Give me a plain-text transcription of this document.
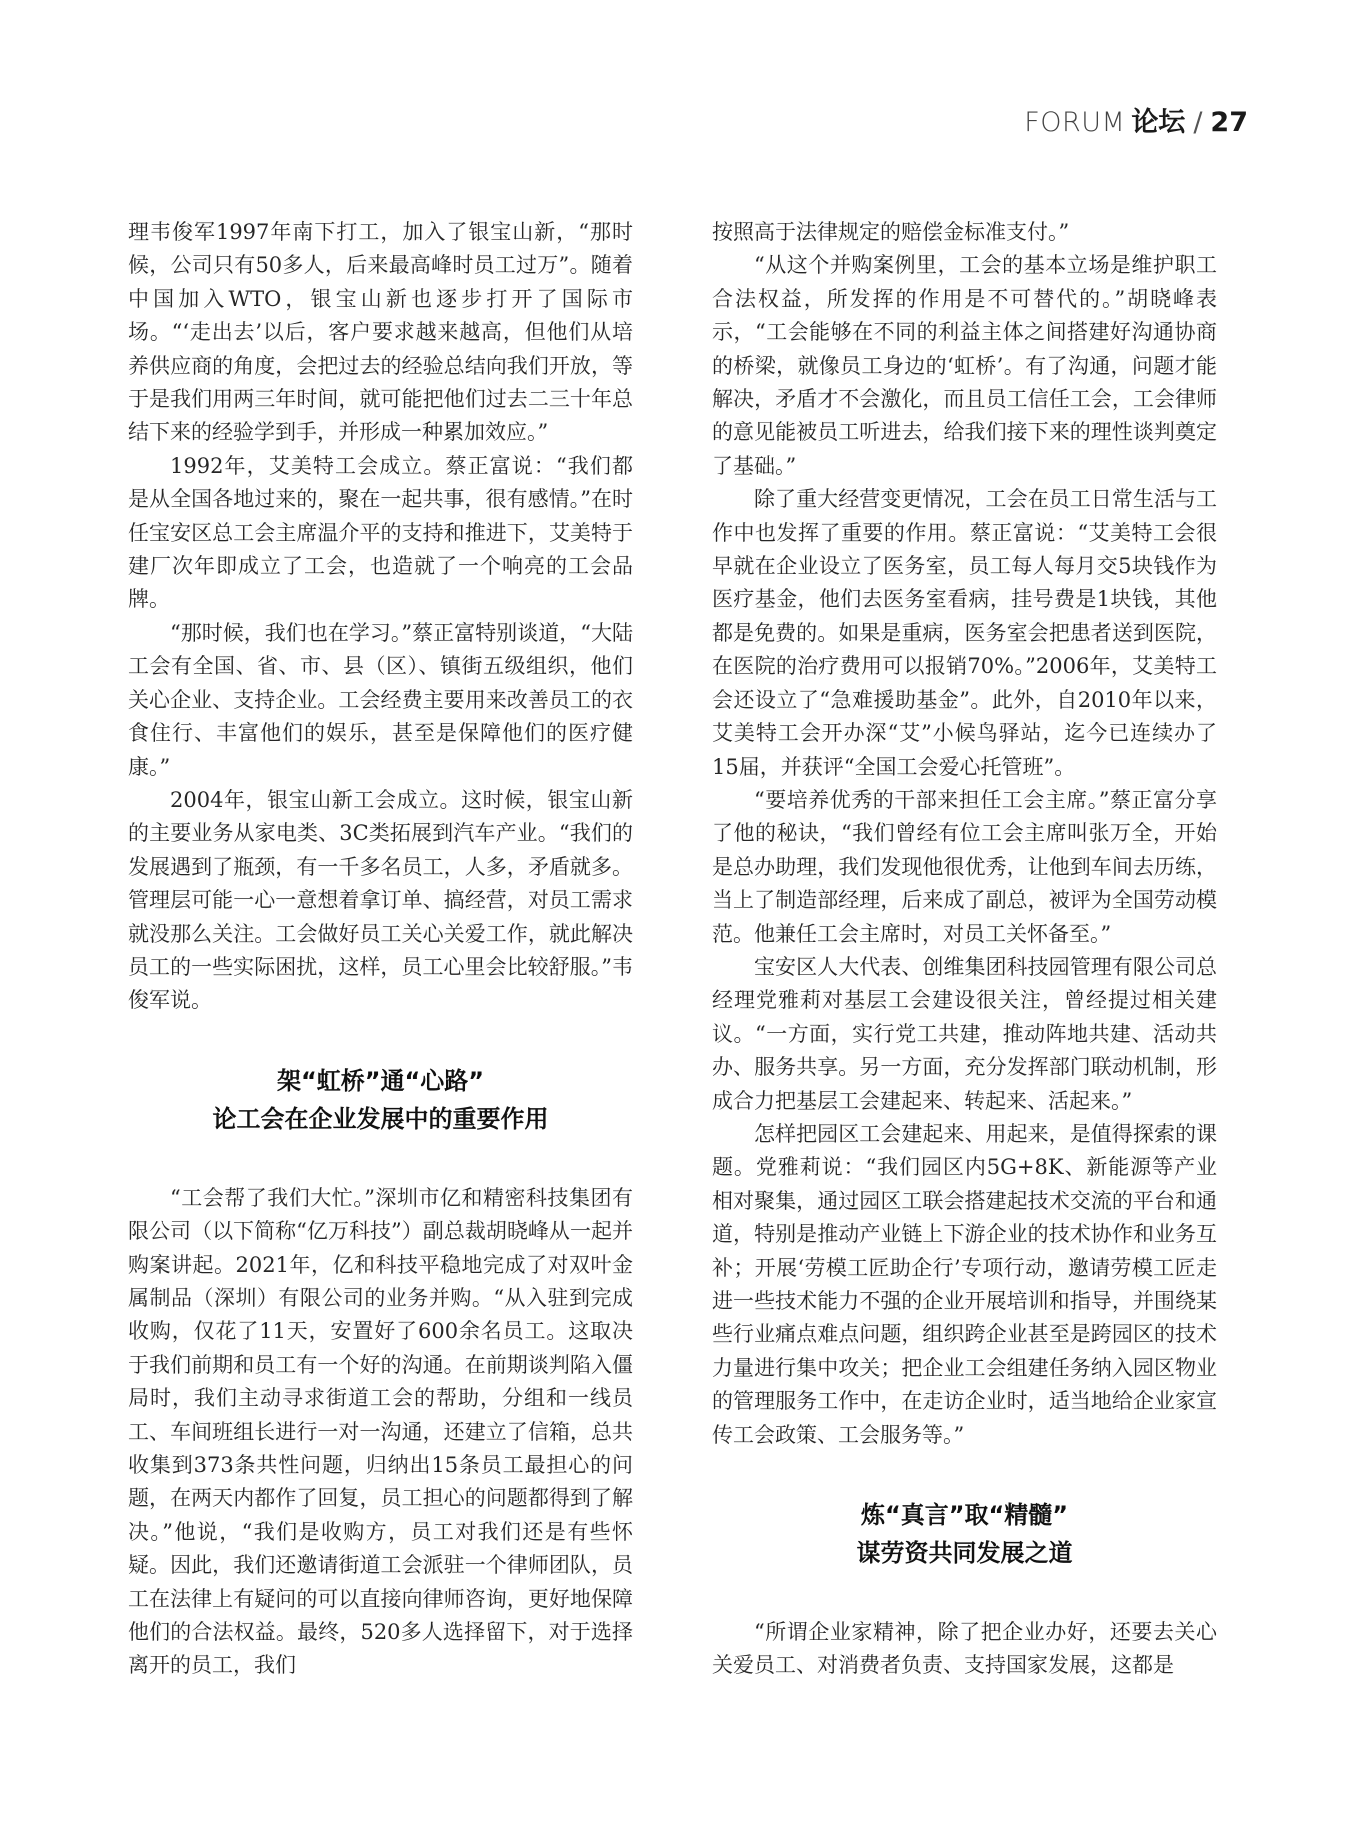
FORUM 论坛 / 27

理韦俊军1997年南下打工，加入了银宝山新，“那时候，公司只有50多人，后来最高峰时员工过万”。随着中国加入WTO，银宝山新也逐步打开了国际市场。“‘走出去’以后，客户要求越来越高，但他们从培养供应商的角度，会把过去的经验总结向我们开放，等于是我们用两三年时间，就可能把他们过去二三十年总结下来的经验学到手，并形成一种累加效应。”

1992年，艾美特工会成立。蔡正富说：“我们都是从全国各地过来的，聚在一起共事，很有感情。”在时任宝安区总工会主席温介平的支持和推进下，艾美特于建厂次年即成立了工会，也造就了一个响亮的工会品牌。

“那时候，我们也在学习。”蔡正富特别谈道，“大陆工会有全国、省、市、县（区）、镇街五级组织，他们关心企业、支持企业。工会经费主要用来改善员工的衣食住行、丰富他们的娱乐，甚至是保障他们的医疗健康。”

2004年，银宝山新工会成立。这时候，银宝山新的主要业务从家电类、3C类拓展到汽车产业。“我们的发展遇到了瓶颈，有一千多名员工，人多，矛盾就多。管理层可能一心一意想着拿订单、搞经营，对员工需求就没那么关注。工会做好员工关心关爱工作，就此解决员工的一些实际困扰，这样，员工心里会比较舒服。”韦俊军说。

架“虹桥”通“心路”
论工会在企业发展中的重要作用

“工会帮了我们大忙。”深圳市亿和精密科技集团有限公司（以下简称“亿万科技”）副总裁胡晓峰从一起并购案讲起。2021年，亿和科技平稳地完成了对双叶金属制品（深圳）有限公司的业务并购。“从入驻到完成收购，仅花了11天，安置好了600余名员工。这取决于我们前期和员工有一个好的沟通。在前期谈判陷入僵局时，我们主动寻求街道工会的帮助，分组和一线员工、车间班组长进行一对一沟通，还建立了信箱，总共收集到373条共性问题，归纳出15条员工最担心的问题，在两天内都作了回复，员工担心的问题都得到了解决。”他说，“我们是收购方，员工对我们还是有些怀疑。因此，我们还邀请街道工会派驻一个律师团队，员工在法律上有疑问的可以直接向律师咨询，更好地保障他们的合法权益。最终，520多人选择留下，对于选择离开的员工，我们

按照高于法律规定的赔偿金标准支付。”

“从这个并购案例里，工会的基本立场是维护职工合法权益，所发挥的作用是不可替代的。”胡晓峰表示，“工会能够在不同的利益主体之间搭建好沟通协商的桥梁，就像员工身边的‘虹桥’。有了沟通，问题才能解决，矛盾才不会激化，而且员工信任工会，工会律师的意见能被员工听进去，给我们接下来的理性谈判奠定了基础。”

除了重大经营变更情况，工会在员工日常生活与工作中也发挥了重要的作用。蔡正富说：“艾美特工会很早就在企业设立了医务室，员工每人每月交5块钱作为医疗基金，他们去医务室看病，挂号费是1块钱，其他都是免费的。如果是重病，医务室会把患者送到医院，在医院的治疗费用可以报销70%。”2006年，艾美特工会还设立了“急难援助基金”。此外，自2010年以来，艾美特工会开办深“艾”小候鸟驿站，迄今已连续办了15届，并获评“全国工会爱心托管班”。

“要培养优秀的干部来担任工会主席。”蔡正富分享了他的秘诀，“我们曾经有位工会主席叫张万全，开始是总办助理，我们发现他很优秀，让他到车间去历练，当上了制造部经理，后来成了副总，被评为全国劳动模范。他兼任工会主席时，对员工关怀备至。”

宝安区人大代表、创维集团科技园管理有限公司总经理党雅莉对基层工会建设很关注，曾经提过相关建议。“一方面，实行党工共建，推动阵地共建、活动共办、服务共享。另一方面，充分发挥部门联动机制，形成合力把基层工会建起来、转起来、活起来。”

怎样把园区工会建起来、用起来，是值得探索的课题。党雅莉说：“我们园区内5G+8K、新能源等产业相对聚集，通过园区工联会搭建起技术交流的平台和通道，特别是推动产业链上下游企业的技术协作和业务互补；开展‘劳模工匠助企行’专项行动，邀请劳模工匠走进一些技术能力不强的企业开展培训和指导，并围绕某些行业痛点难点问题，组织跨企业甚至是跨园区的技术力量进行集中攻关；把企业工会组建任务纳入园区物业的管理服务工作中，在走访企业时，适当地给企业家宣传工会政策、工会服务等。”

炼“真言”取“精髓”
谋劳资共同发展之道

“所谓企业家精神，除了把企业办好，还要去关心关爱员工、对消费者负责、支持国家发展，这都是
